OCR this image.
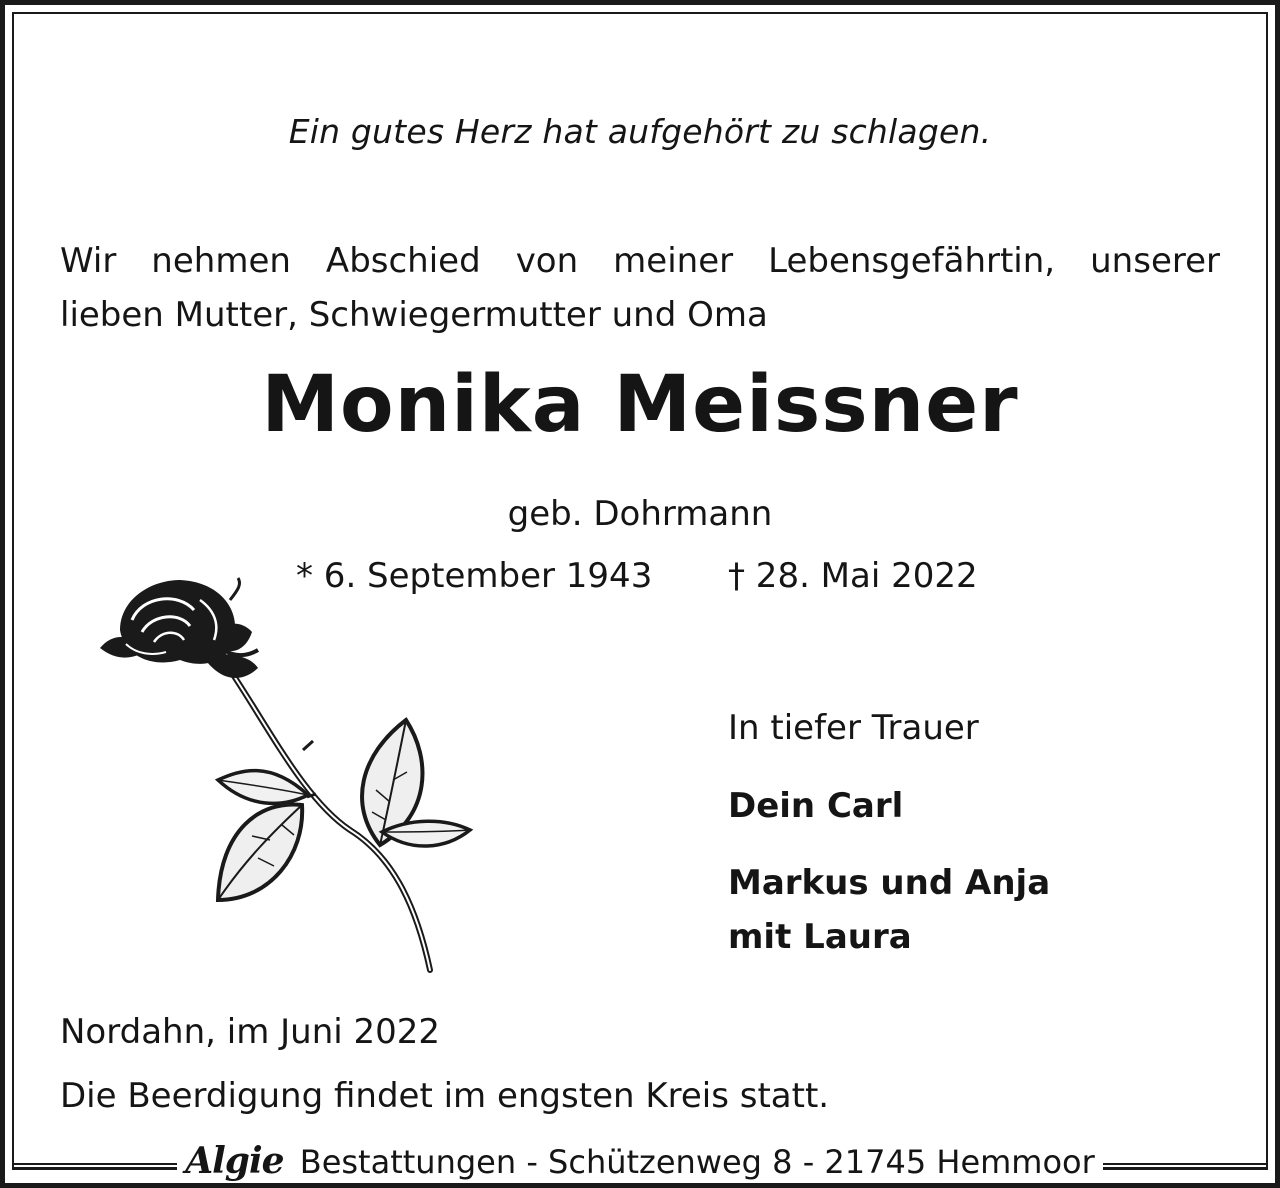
Ein gutes Herz hat aufgehört zu schlagen.
Wir nehmen Abschied von meiner Lebensgefährtin, unserer
lieben Mutter, Schwiegermutter und Oma
Monika Meissner
geb. Dohrmann
* 6. September 1943 † 28. Mai 2022
In tiefer Trauer
Dein Carl
Markus und Anja
mit Laura
Nordahn, im Juni 2022
Die Beerdigung findet im engsten Kreis statt.
Algie Bestattungen - Schützenweg 8 - 21745 Hemmoor
